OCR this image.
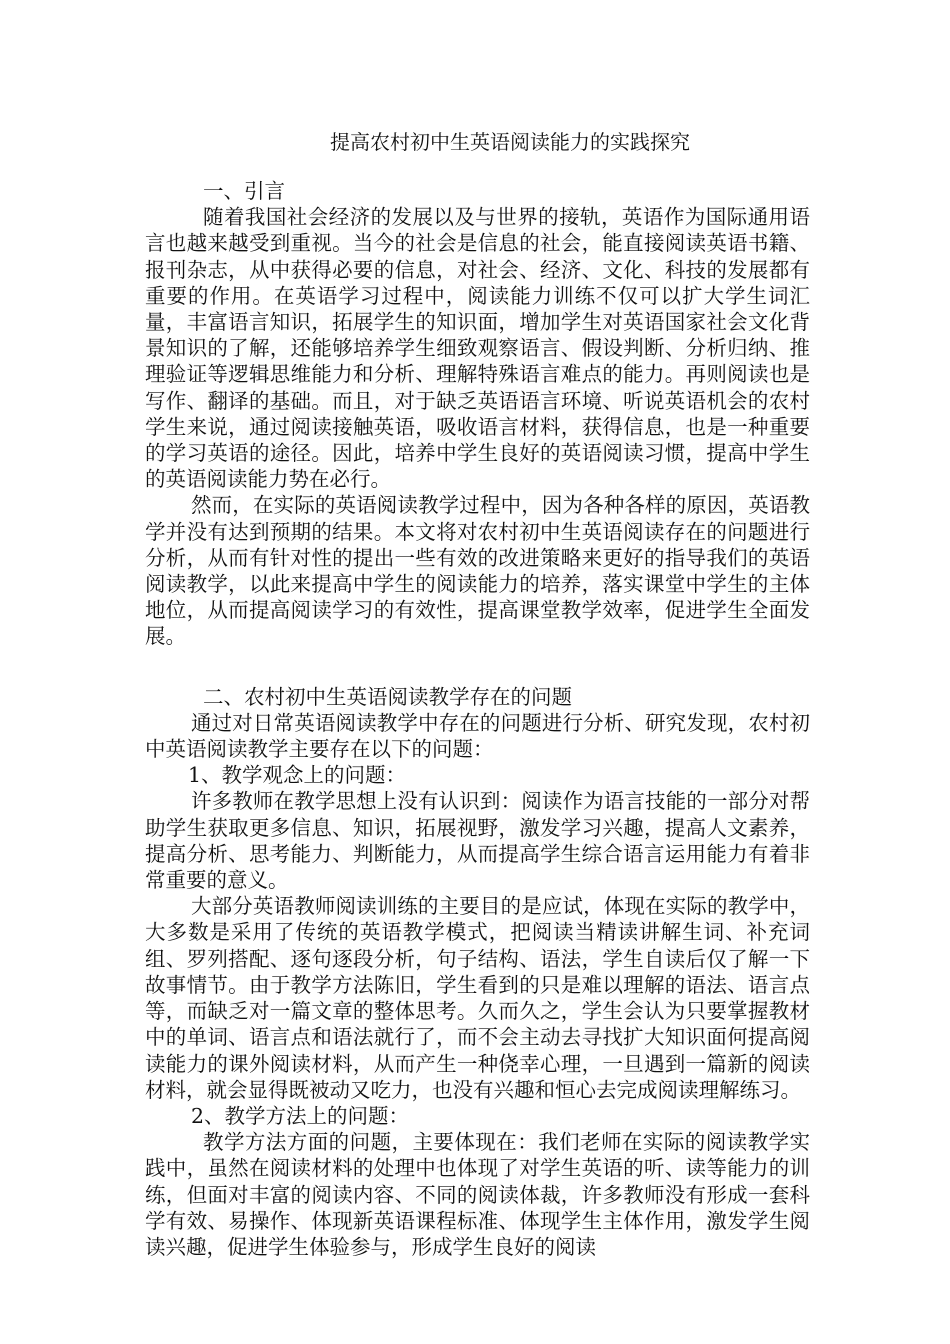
提高农村初中生英语阅读能力的实践探究

一、引言

随着我国社会经济的发展以及与世界的接轨，英语作为国际通用语言也越来越受到重视。当今的社会是信息的社会，能直接阅读英语书籍、报刊杂志，从中获得必要的信息，对社会、经济、文化、科技的发展都有重要的作用。在英语学习过程中，阅读能力训练不仅可以扩大学生词汇量，丰富语言知识，拓展学生的知识面，增加学生对英语国家社会文化背景知识的了解，还能够培养学生细致观察语言、假设判断、分析归纳、推理验证等逻辑思维能力和分析、理解特殊语言难点的能力。再则阅读也是写作、翻译的基础。而且，对于缺乏英语语言环境、听说英语机会的农村学生来说，通过阅读接触英语，吸收语言材料，获得信息，也是一种重要的学习英语的途径。因此，培养中学生良好的英语阅读习惯，提高中学生的英语阅读能力势在必行。

然而，在实际的英语阅读教学过程中，因为各种各样的原因，英语教学并没有达到预期的结果。本文将对农村初中生英语阅读存在的问题进行分析，从而有针对性的提出一些有效的改进策略来更好的指导我们的英语阅读教学，以此来提高中学生的阅读能力的培养，落实课堂中学生的主体地位，从而提高阅读学习的有效性，提高课堂教学效率，促进学生全面发展。

二、农村初中生英语阅读教学存在的问题

通过对日常英语阅读教学中存在的问题进行分析、研究发现，农村初中英语阅读教学主要存在以下的问题：

1、教学观念上的问题：

许多教师在教学思想上没有认识到：阅读作为语言技能的一部分对帮助学生获取更多信息、知识，拓展视野，激发学习兴趣，提高人文素养，提高分析、思考能力、判断能力，从而提高学生综合语言运用能力有着非常重要的意义。

大部分英语教师阅读训练的主要目的是应试，体现在实际的教学中，大多数是采用了传统的英语教学模式，把阅读当精读讲解生词、补充词组、罗列搭配、逐句逐段分析，句子结构、语法，学生自读后仅了解一下故事情节。由于教学方法陈旧，学生看到的只是难以理解的语法、语言点等，而缺乏对一篇文章的整体思考。久而久之，学生会认为只要掌握教材中的单词、语言点和语法就行了，而不会主动去寻找扩大知识面何提高阅读能力的课外阅读材料，从而产生一种侥幸心理，一旦遇到一篇新的阅读材料，就会显得既被动又吃力，也没有兴趣和恒心去完成阅读理解练习。

2、教学方法上的问题：

教学方法方面的问题，主要体现在：我们老师在实际的阅读教学实践中，虽然在阅读材料的处理中也体现了对学生英语的听、读等能力的训练，但面对丰富的阅读内容、不同的阅读体裁，许多教师没有形成一套科学有效、易操作、体现新英语课程标准、体现学生主体作用，激发学生阅读兴趣，促进学生体验参与，形成学生良好的阅读
